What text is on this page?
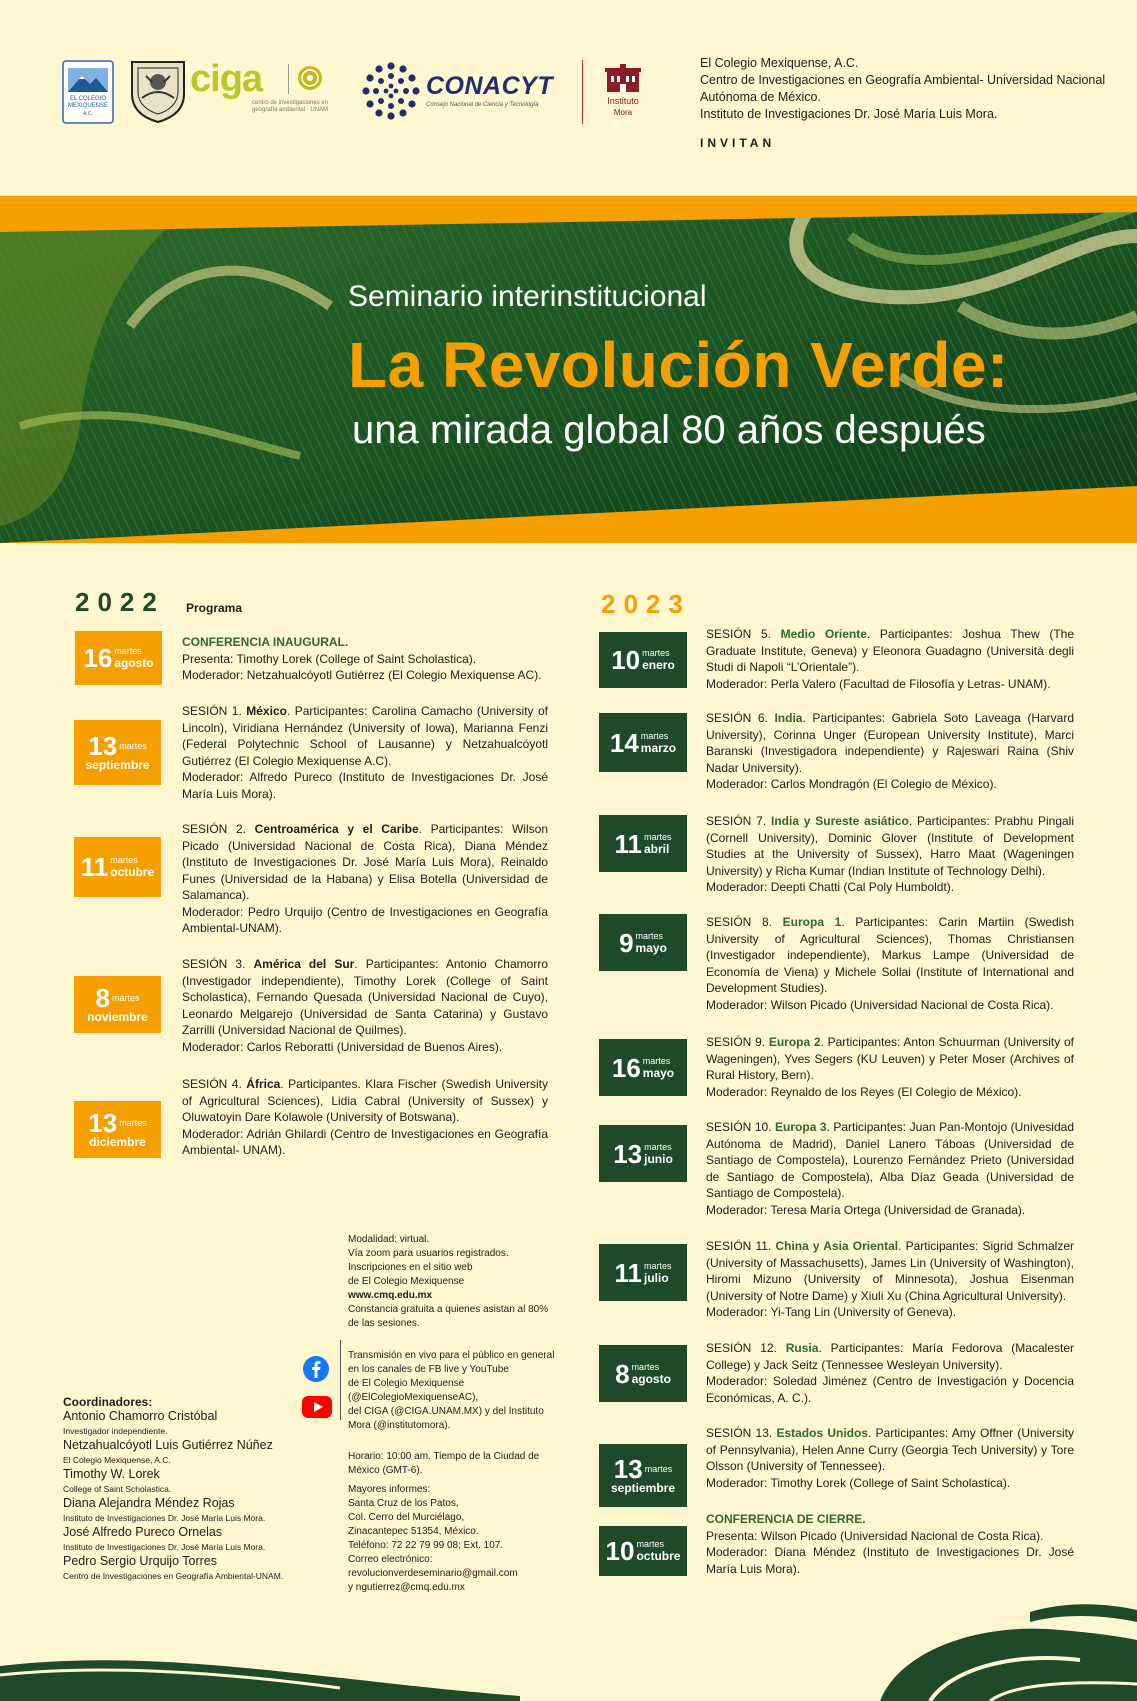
EL COLEGIO MEXIQUENSE
A.C.
ciga
centro de investigaciones en
geografía ambiental · UNAM
CONACYT
Consejo Nacional de Ciencia y Tecnología	Instituto
Mora
El Colegio Mexiquense, A.C.
Centro de Investigaciones en Geografía Ambiental- Universidad Nacional
Autónoma de México.
Instituto de Investigaciones Dr. José María Luis Mora.
INVITAN
Seminario interinstitucional
La Revolución Verde:
una mirada global 80 años después
2022 Programa	2023
16 martes
agosto

CONFERENCIA INAUGURAL.

Presenta: Timothy Lorek (College of Saint Scholastica).

Moderador: Netzahualcóyotl Gutiérrez (El Colegio Mexiquense AC).

13 martes
septiembre

SESIÓN 1. México. Participantes: Carolina Camacho (University of Lincoln), Viridiana Hernández (University of Iowa), Marianna Fenzi (Federal Polytechnic School of Lausanne) y Netzahualcóyotl Gutiérrez (El Colegio Mexiquense A.C).

Moderador: Alfredo Pureco (Instituto de Investigaciones Dr. José María Luis Mora).

11 martes
octubre

SESIÓN 2. Centroamérica y el Caribe. Participantes: Wilson Picado (Universidad Nacional de Costa Rica), Diana Méndez (Instituto de Investigaciones Dr. José María Luis Mora), Reinaldo Funes (Universidad de la Habana) y Elisa Botella (Universidad de Salamanca).

Moderador: Pedro Urquijo (Centro de Investigaciones en Geografía Ambiental-UNAM).

8 martes
noviembre

SESIÓN 3. América del Sur. Participantes: Antonio Chamorro (Investigador independiente), Timothy Lorek (College of Saint Scholastica), Fernando Quesada (Universidad Nacional de Cuyo), Leonardo Melgarejo (Universidad de Santa Catarina) y Gustavo Zarrilli (Universidad Nacional de Quilmes).

Moderador: Carlos Reboratti (Universidad de Buenos Aires).

13 martes
diciembre

SESIÓN 4. África. Participantes. Klara Fischer (Swedish University of Agricultural Sciences), Lidia Cabral (University of Sussex) y Oluwatoyin Dare Kolawole (University of Botswana).

Moderador: Adrián Ghilardi (Centro de Investigaciones en Geografía Ambiental- UNAM).

10 martes
enero

SESIÓN 5. Medio Oriente. Participantes: Joshua Thew (The Graduate Institute, Geneva) y Eleonora Guadagno (Università degli Studi di Napoli “L’Orientale”).

Moderador: Perla Valero (Facultad de Filosofía y Letras- UNAM).

14 martes
marzo

SESIÓN 6. India. Participantes: Gabriela Soto Laveaga (Harvard University), Corinna Unger (European University Institute), Marci Baranski (Investigadora independiente) y Rajeswari Raina (Shiv Nadar University).

Moderador: Carlos Mondragón (El Colegio de México).

11 martes
abril

SESIÓN 7. India y Sureste asiático. Participantes: Prabhu Pingali (Cornell University), Dominic Glover (Institute of Development Studies at the University of Sussex), Harro Maat (Wageningen University) y Richa Kumar (Indian Institute of Technology Delhi).

Moderador: Deepti Chatti (Cal Poly Humboldt).

9 martes
mayo

SESIÓN 8. Europa 1. Participantes: Carin Martiin (Swedish University of Agricultural Sciences), Thomas Christiansen (Investigador independiente), Markus Lampe (Universidad de Economía de Viena) y Michele Sollai (Institute of International and Development Studies).

Moderador: Wilson Picado (Universidad Nacional de Costa Rica).

16 martes
mayo

SESIÓN 9. Europa 2. Participantes: Anton Schuurman (University of Wageningen), Yves Segers (KU Leuven) y Peter Moser (Archives of Rural History, Bern).

Moderador: Reynaldo de los Reyes (El Colegio de México).

13 martes
junio

SESIÓN 10. Europa 3. Participantes: Juan Pan-Montojo (Univesidad Autónoma de Madrid), Daniel Lanero Táboas (Universidad de Santiago de Compostela), Lourenzo Fernández Prieto (Universidad de Santiago de Compostela), Alba Díaz Geada (Universidad de Santiago de Compostela).

Moderador: Teresa María Ortega (Universidad de Granada).

11 martes
julio

SESIÓN 11. China y Asia Oriental. Participantes: Sigrid Schmalzer (University of Massachusetts), James Lin (University of Washington), Hiromi Mizuno (University of Minnesota), Joshua Eisenman (University of Notre Dame) y Xiuli Xu (China Agricultural University).

Moderador: Yi-Tang Lin (University of Geneva).

8 martes
agosto

SESIÓN 12. Rusia. Participantes: María Fedorova (Macalester College) y Jack Seitz (Tennessee Wesleyan University).

Moderador: Soledad Jiménez (Centro de Investigación y Docencia Económicas, A. C.).

13 martes
septiembre

SESIÓN 13. Estados Unidos. Participantes: Amy Offner (University of Pennsylvania), Helen Anne Curry (Georgia Tech University) y Tore Olsson (University of Tennessee).

Moderador: Timothy Lorek (College of Saint Scholastica).

10 martes
octubre

CONFERENCIA DE CIERRE.

Presenta: Wilson Picado (Universidad Nacional de Costa Rica).

Moderador: Diana Méndez (Instituto de Investigaciones Dr. José María Luis Mora).

Modalidad: virtual.
Vía zoom para usuarios registrados.
Inscripciones en el sitio web
de El Colegio Mexiquense
www.cmq.edu.mx
Constancia gratuita a quienes asistan al 80%
de las sesiones.
Transmisión en vivo para el público en general
en los canales de FB live y YouTube
de El Colegio Mexiquense
(@ElColegioMexiquenseAC),
del CIGA (@CIGA.UNAM.MX) y del Instituto
Mora (@institutomora).
Horario: 10:00 am. Tiempo de la Ciudad de
México (GMT-6).
Mayores informes:
Santa Cruz de los Patos,
Col. Cerro del Murciélago,
Zinacantepec 51354, México.
Teléfono: 72 22 79 99 08; Ext. 107.
Correo electrónico:
revolucionverdeseminario@gmail.com
y ngutierrez@cmq.edu.mx
Coordinadores:
Antonio Chamorro Cristóbal
Investigador independiente.
Netzahualcóyotl Luis Gutiérrez Núñez
El Colegio Mexiquense, A.C.
Timothy W. Lorek
College of Saint Scholastica.
Diana Alejandra Méndez Rojas
Instituto de Investigaciones Dr. José María Luis Mora.
José Alfredo Pureco Ornelas
Instituto de Investigaciones Dr. José María Luis Mora.
Pedro Sergio Urquijo Torres
Centro de Investigaciones en Geografía Ambiental-UNAM.
